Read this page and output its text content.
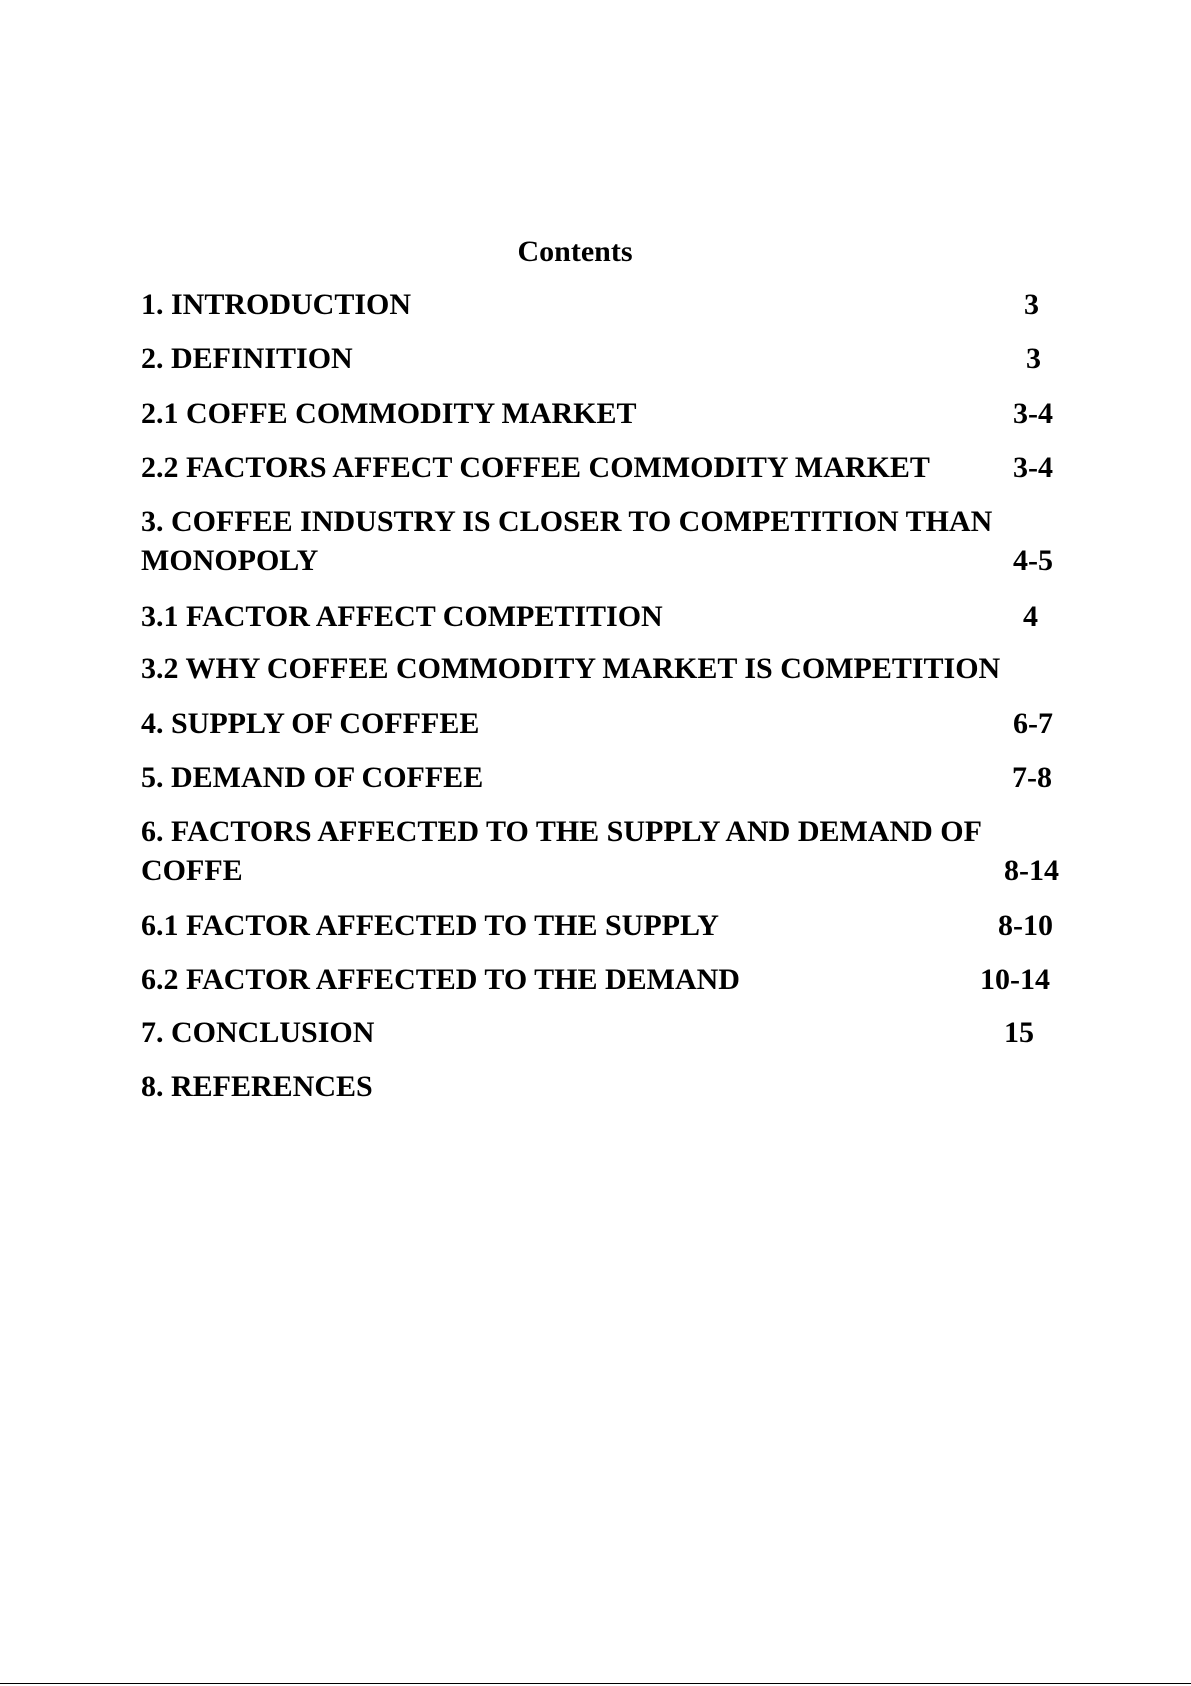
Contents
1. INTRODUCTION	3
2. DEFINITION	3
2.1 COFFE COMMODITY MARKET	3-4
2.2 FACTORS AFFECT COFFEE COMMODITY MARKET	3-4
3. COFFEE INDUSTRY IS CLOSER TO COMPETITION THAN
MONOPOLY	4-5
3.1 FACTOR AFFECT COMPETITION	4
3.2 WHY COFFEE COMMODITY MARKET IS COMPETITION
4. SUPPLY OF COFFFEE	6-7
5. DEMAND OF COFFEE	7-8
6. FACTORS AFFECTED TO THE SUPPLY AND DEMAND OF
COFFE	8-14
6.1 FACTOR AFFECTED TO THE SUPPLY	8-10
6.2 FACTOR AFFECTED TO THE DEMAND	10-14
7. CONCLUSION	15
8. REFERENCES
